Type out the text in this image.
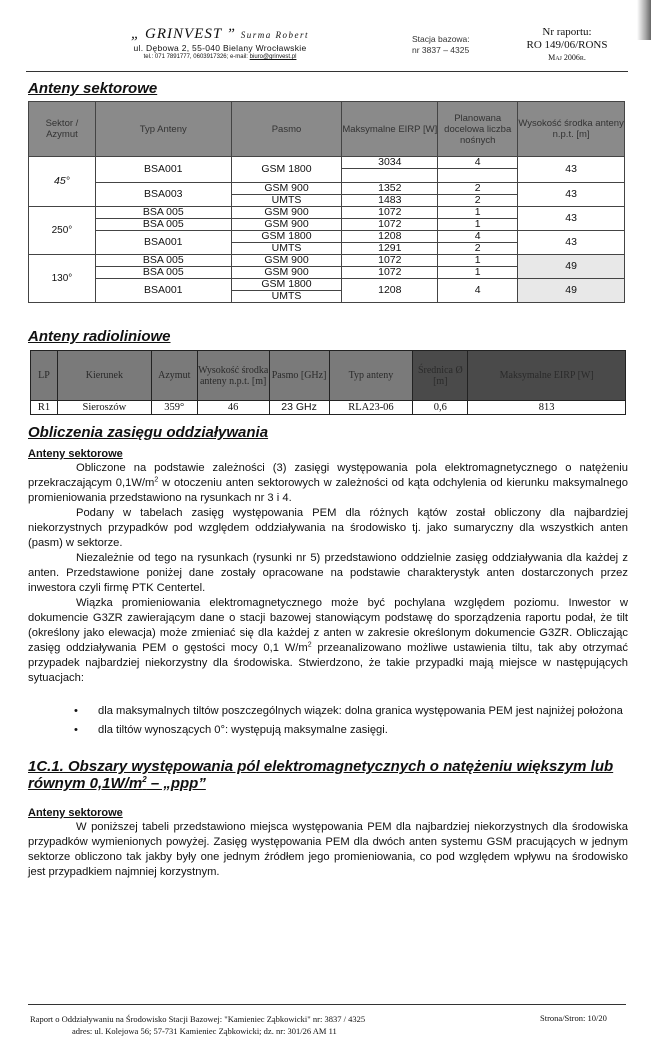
„ GRINVEST ” Surma Robert
ul. Dębowa 2, 55-040 Bielany Wrocławskie
tel.: 071 7891777, 0603917326; e-mail: biuro@grinvest.pl
Stacja bazowa:
nr 3837 – 4325
Nr raportu:
RO 149/06/RONS
Maj 2006r.
Anteny sektorowe
Sektor / Azymut	Typ Anteny	Pasmo	Maksymalne EIRP [W]	Planowana docelowa liczba nośnych	Wysokość środka anteny n.p.t. [m]
45°	BSA001	GSM 1800	3034	4	43

	BSA003	GSM 900	1352	2	43
		UMTS	1483	2	
250°	BSA 005	GSM 900	1072	1	43
	BSA 005	GSM 900	1072	1	
	BSA001	GSM 1800	1208	4	43
		UMTS	1291	2	
130°	BSA 005	GSM 900	1072	1	49
	BSA 005	GSM 900	1072	1	
	BSA001	GSM 1800	1208	4	49
		UMTS			
Anteny radioliniowe
LP	Kierunek	Azymut	Wysokość środka anteny n.p.t. [m]	Pasmo [GHz]	Typ anteny	Średnica Ø [m]	Maksymalne EIRP [W]
R1	Sieroszów	359°	46	23 GHz	RLA23-06	0,6	813
Obliczenia zasięgu oddziaływania
Anteny sektorowe

Obliczone na podstawie zależności (3) zasięgi występowania pola elektromagnetycznego o natężeniu przekraczającym $0,1W/m^2$ w otoczeniu anten sektorowych w zależności od kąta odchylenia od kierunku maksymalnego promieniowania przedstawiono na rysunkach nr 3 i 4.

Podany w tabelach zasięg występowania PEM dla różnych kątów został obliczony dla najbardziej niekorzystnych przypadków pod względem oddziaływania na środowisko tj. jako sumaryczny dla wszystkich anten (pasm) w sektorze.

Niezależnie od tego na rysunkach (rysunki nr 5) przedstawiono oddzielnie zasięg oddziaływania dla każdej z anten. Przedstawione poniżej dane zostały opracowane na podstawie charakterystyk anten dostarczonych przez inwestora czyli firmę PTK Centertel.

Wiązka promieniowania elektromagnetycznego może być pochylana względem poziomu. Inwestor w dokumencie G3ZR zawierającym dane o stacji bazowej stanowiącym podstawę do sporządzenia raportu podał, że tilt (określony jako elewacja) może zmieniać się dla każdej z anten w zakresie określonym dokumencie G3ZR. Obliczając zasięg oddziaływania PEM o gęstości mocy 0,1 $W/m^2$ przeanalizowano możliwe ustawienia tiltu, tak aby otrzymać przypadek najbardziej niekorzystny dla środowiska. Stwierdzono, że takie przypadki mają miejsce w następujących sytuacjach:

• dla maksymalnych tiltów poszczególnych wiązek: dolna granica występowania PEM jest najniżej położona
• dla tiltów wynoszących 0°: występują maksymalne zasięgi.
1C.1. Obszary występowania pól elektromagnetycznych o natężeniu większym lub równym $0,1W/m^2$ – „ppp”
Anteny sektorowe

W poniższej tabeli przedstawiono miejsca występowania PEM dla najbardziej niekorzystnych dla środowiska przypadków wymienionych powyżej. Zasięg występowania PEM dla dwóch anten systemu GSM pracujących w jednym sektorze obliczono tak jakby były one jednym źródłem jego promieniowania, co pod względem wpływu na środowisko jest przypadkiem najmniej korzystnym.

Raport o Oddziaływaniu na Środowisko Stacji Bazowej: "Kamieniec Ząbkowicki" nr: 3837 / 4325
adres: ul. Kolejowa 56; 57-731 Kamieniec Ząbkowicki; dz. nr: 301/26 AM 11
Strona/Stron: 10/20
